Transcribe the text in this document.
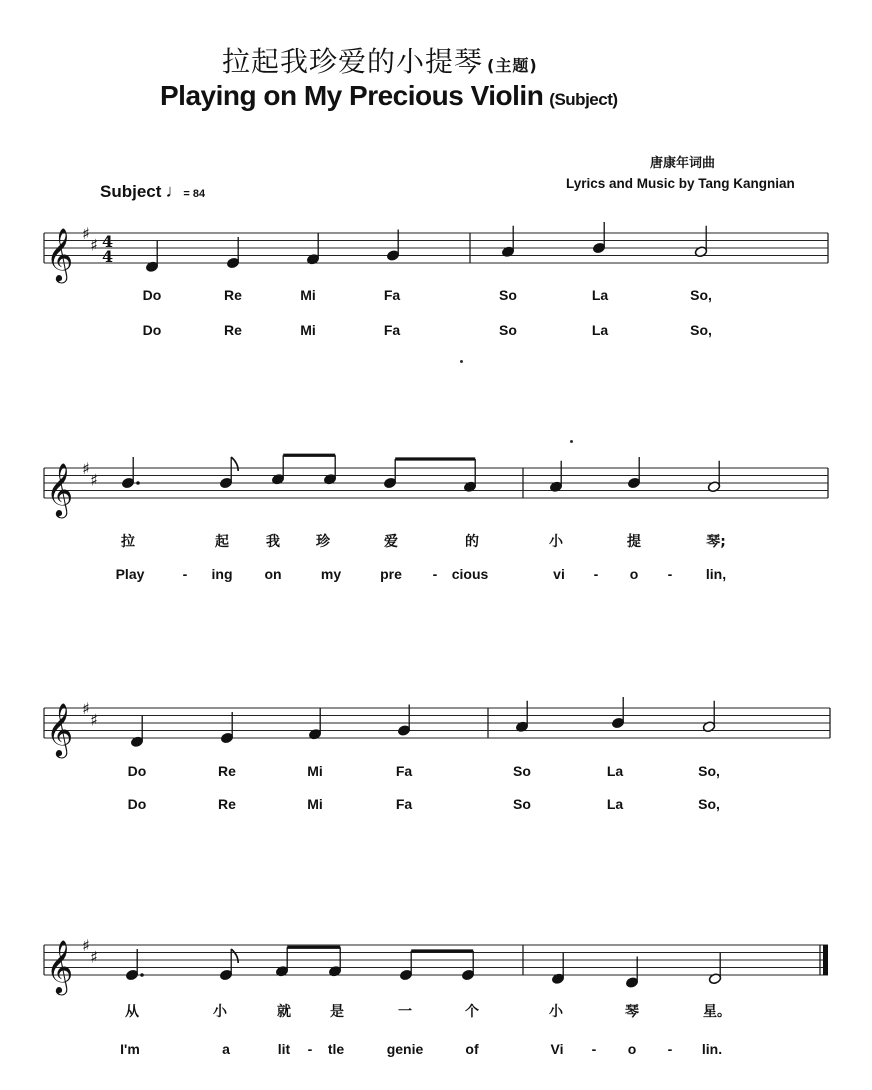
拉起我珍爱的小提琴 (主题)
Playing on My Precious Violin (Subject)
唐康年词曲
Lyrics and Music by Tang Kangnian
Subject ♩= 84
𝄞 ♯
♯ 4
4
𝄞 ♯
♯
𝄞 ♯
♯
𝄞 ♯
♯
Do	Re	Mi	Fa	So	La	So,
Do	Re	Mi	Fa	So	La	So,
拉	起	我	珍	爱	的	小	提	琴;
Play	- ing on	my	pre - cious	vi - o - lin,
Do	Re	Mi	Fa	So	La	So,
Do	Re	Mi	Fa	So	La	So,
从	小	就	是	一	个	小	琴	星。
I'm	a	lit - tle	genie	of	Vi - o - lin.
